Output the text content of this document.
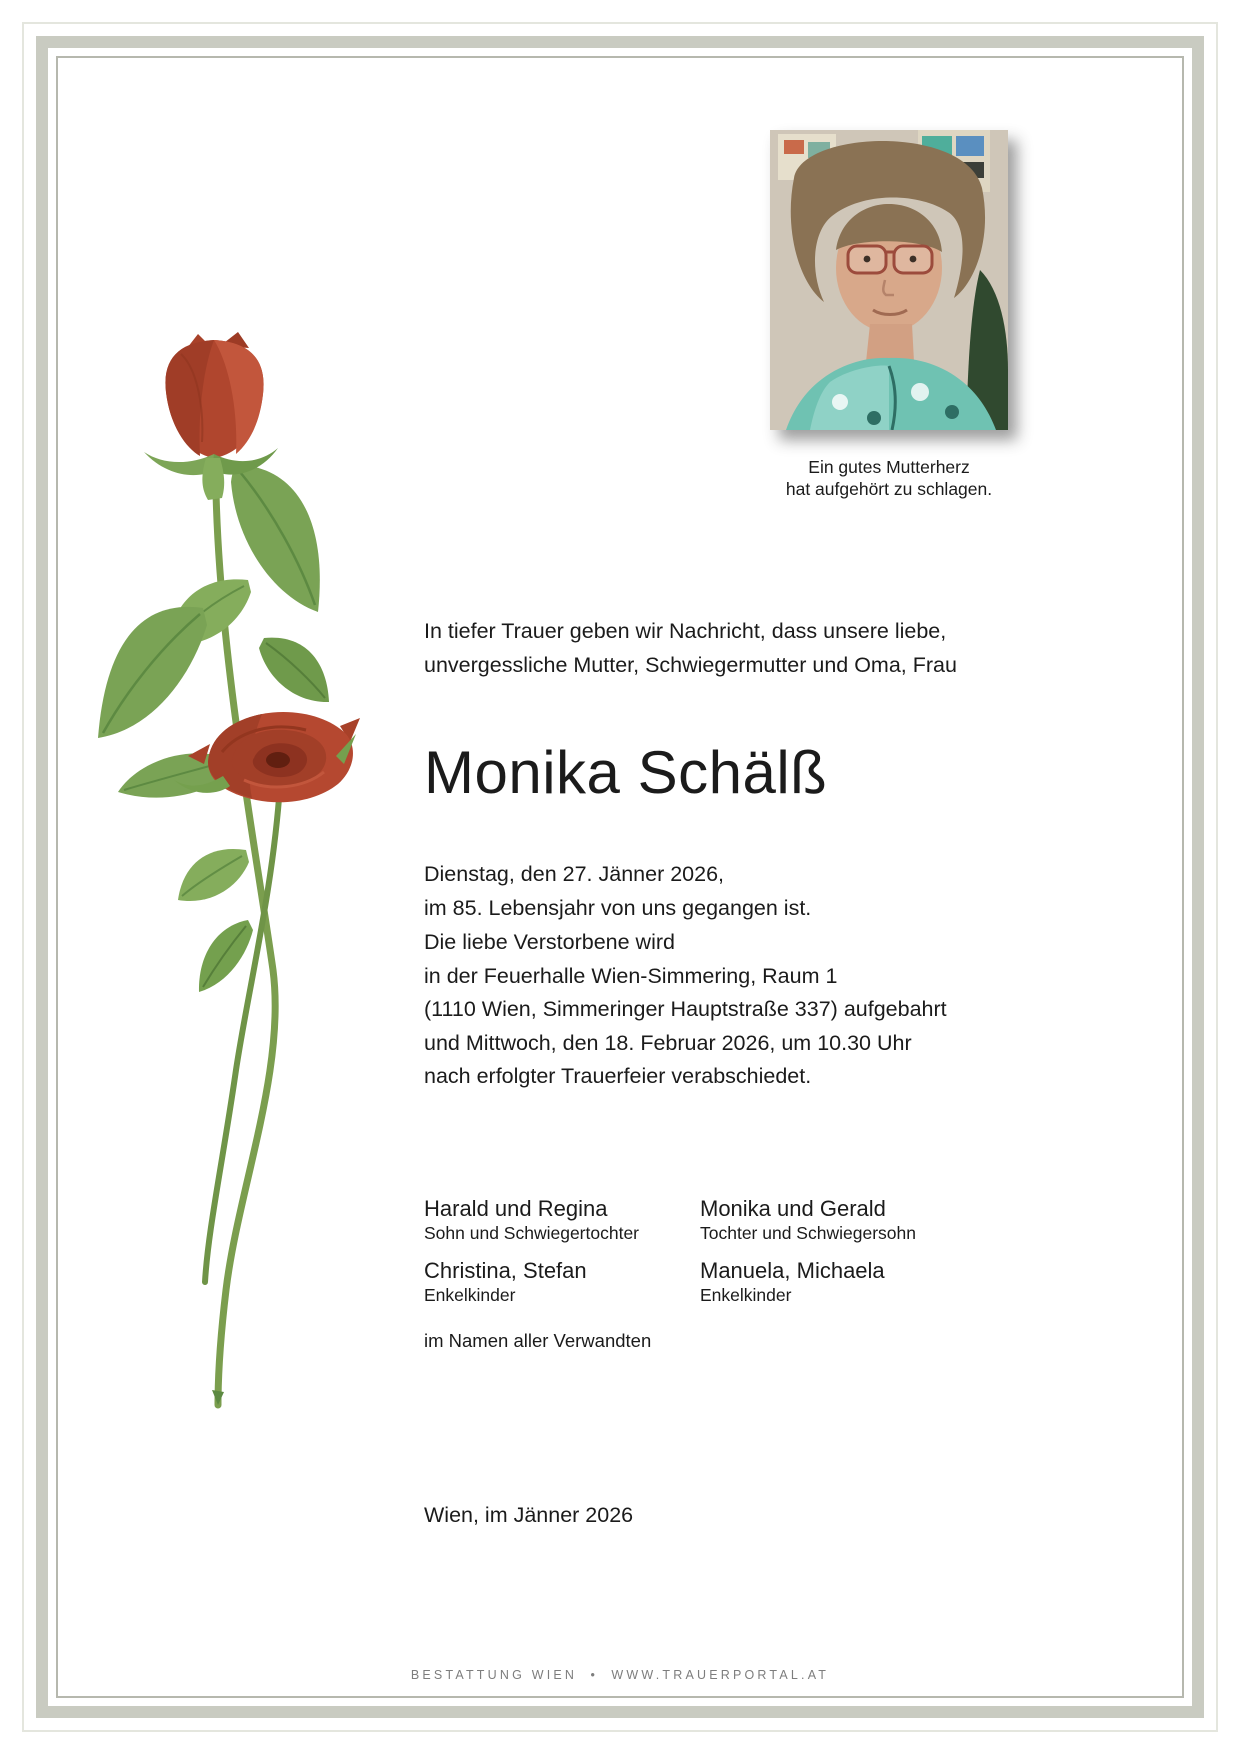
Ein gutes Mutterherz
hat aufgehört zu schlagen.
In tiefer Trauer geben wir Nachricht, dass unsere liebe,
unvergessliche Mutter, Schwiegermutter und Oma, Frau
Monika Schälß
Dienstag, den 27. Jänner 2026,
im 85. Lebensjahr von uns gegangen ist.
Die liebe Verstorbene wird
in der Feuerhalle Wien-Simmering, Raum 1
(1110 Wien, Simmeringer Hauptstraße 337) aufgebahrt
und Mittwoch, den 18. Februar 2026, um 10.30 Uhr
nach erfolgter Trauerfeier verabschiedet.
Harald und Regina
Sohn und Schwiegertochter
Christina, Stefan
Enkelkinder
Monika und Gerald
Tochter und Schwiegersohn
Manuela, Michaela
Enkelkinder
im Namen aller Verwandten
Wien, im Jänner 2026
BESTATTUNG WIEN  •  WWW.TRAUERPORTAL.AT
